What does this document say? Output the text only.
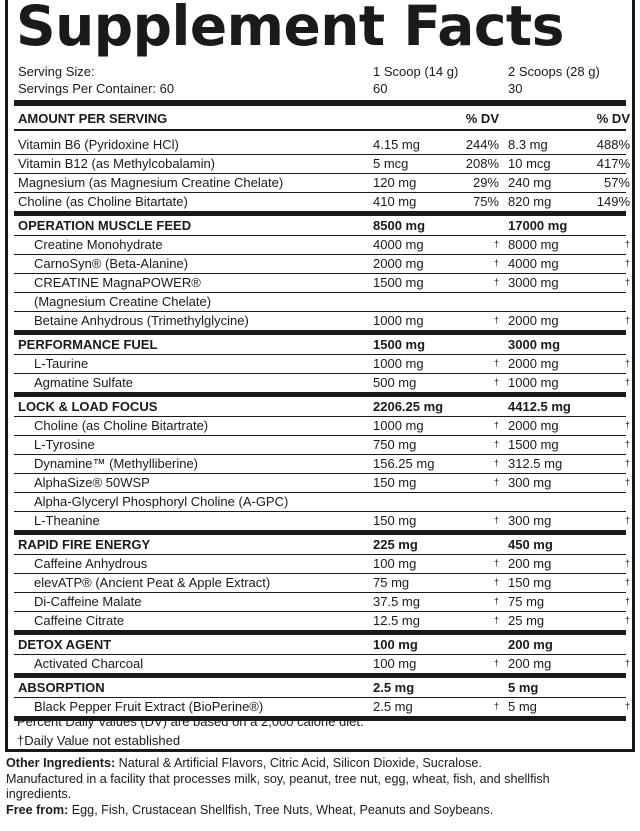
Supplement Facts
Serving Size:	1 Scoop (14 g)	2 Scoops (28 g)
Servings Per Container: 60	60	30
AMOUNT PER SERVING	% DV	% DV
Vitamin B6 (Pyridoxine HCl)	4.15 mg	244% 8.3 mg	488%
Vitamin B12 (as Methylcobalamin)	5 mcg	208% 10 mcg	417%
Magnesium (as Magnesium Creatine Chelate)	120 mg	29% 240 mg	57%
Choline (as Choline Bitartate)	410 mg	75% 820 mg	149%
OPERATION MUSCLE FEED	8500 mg	17000 mg
Creatine Monohydrate	4000 mg	† 8000 mg	†
CarnoSyn® (Beta-Alanine)	2000 mg	† 4000 mg	†
CREATINE MagnaPOWER®	1500 mg	† 3000 mg	†
(Magnesium Creatine Chelate)
Betaine Anhydrous (Trimethylglycine)	1000 mg	† 2000 mg	†
PERFORMANCE FUEL	1500 mg	3000 mg
L-Taurine	1000 mg	† 2000 mg	†
Agmatine Sulfate	500 mg	† 1000 mg	†
LOCK & LOAD FOCUS	2206.25 mg	4412.5 mg
Choline (as Choline Bitartrate)	1000 mg	† 2000 mg	†
L-Tyrosine	750 mg	† 1500 mg	†
Dynamine™ (Methylliberine)	156.25 mg	† 312.5 mg	†
AlphaSize® 50WSP	150 mg	† 300 mg	†
Alpha-Glyceryl Phosphoryl Choline (A-GPC)
L-Theanine	150 mg	† 300 mg	†
RAPID FIRE ENERGY	225 mg	450 mg
Caffeine Anhydrous	100 mg	† 200 mg	†
elevATP® (Ancient Peat & Apple Extract)	75 mg	† 150 mg	†
Di-Caffeine Malate	37.5 mg	† 75 mg	†
Caffeine Citrate	12.5 mg	† 25 mg	†
DETOX AGENT	100 mg	200 mg
Activated Charcoal	100 mg	† 200 mg	†
ABSORPTION	2.5 mg	5 mg
Black Pepper Fruit Extract (BioPerine®)	2.5 mg	† 5 mg	†
Percent Daily Values (DV) are based on a 2,000 calorie diet.
†Daily Value not established
Other Ingredients: Natural & Artificial Flavors, Citric Acid, Silicon Dioxide, Sucralose.
Manufactured in a facility that processes milk, soy, peanut, tree nut, egg, wheat, fish, and shellfish ingredients.
Free from: Egg, Fish, Crustacean Shellfish, Tree Nuts, Wheat, Peanuts and Soybeans.
